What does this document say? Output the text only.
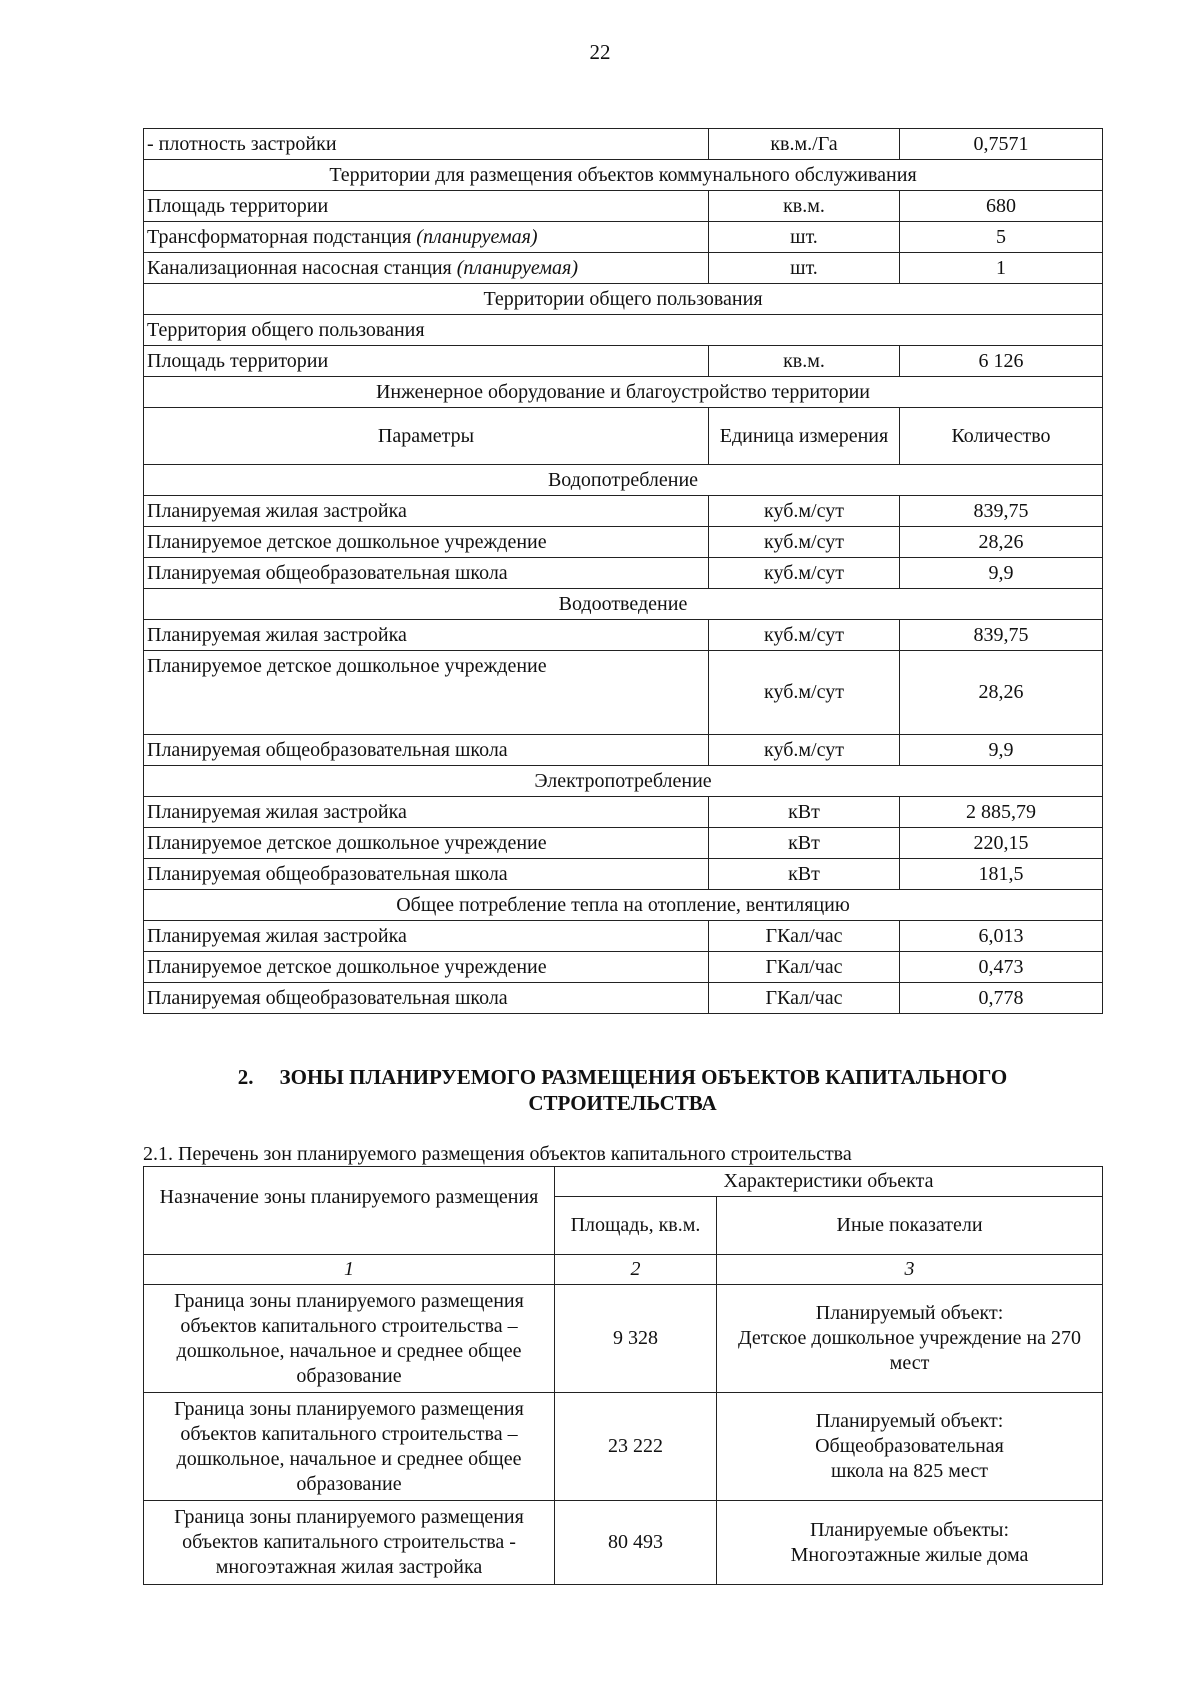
22
- плотность застройки	кв.м./Га	0,7571
Территории для размещения объектов коммунального обслуживания		
Площадь территории	кв.м.	680
Трансформаторная подстанция (планируемая)	шт.	5
Канализационная насосная станция (планируемая)	шт.	1
Территории общего пользования		
Территория общего пользования		
Площадь территории	кв.м.	6 126
Инженерное оборудование и благоустройство территории		
Параметры	Единица измерения	Количество
Водопотребление		
Планируемая жилая застройка	куб.м/сут	839,75
Планируемое детское дошкольное учреждение	куб.м/сут	28,26
Планируемая общеобразовательная школа	куб.м/сут	9,9
Водоотведение		
Планируемая жилая застройка	куб.м/сут	839,75
Планируемое детское дошкольное учреждение	куб.м/сут	28,26
Планируемая общеобразовательная школа	куб.м/сут	9,9
Электропотребление		
Планируемая жилая застройка	кВт	2 885,79
Планируемое детское дошкольное учреждение	кВт	220,15
Планируемая общеобразовательная школа	кВт	181,5
Общее потребление тепла на отопление, вентиляцию		
Планируемая жилая застройка	ГКал/час	6,013
Планируемое детское дошкольное учреждение	ГКал/час	0,473
Планируемая общеобразовательная школа	ГКал/час	0,778
2. ЗОНЫ ПЛАНИРУЕМОГО РАЗМЕЩЕНИЯ ОБЪЕКТОВ КАПИТАЛЬНОГО СТРОИТЕЛЬСТВА
2.1. Перечень зон планируемого размещения объектов капитального строительства
Назначение зоны планируемого размещения	Характеристики объекта	
	Площадь, кв.м.	Иные показатели
1	2	3
Граница зоны планируемого размещения объектов капитального строительства – дошкольное, начальное и среднее общее образование	9 328	Планируемый объект:
Детское дошкольное учреждение на 270 мест

Граница зоны планируемого размещения объектов капитального строительства – дошкольное, начальное и среднее общее образование	23 222	Планируемый объект:
Общеобразовательная школа на 825 мест

Граница зоны планируемого размещения объектов капитального строительства - многоэтажная жилая застройка	80 493	Планируемые объекты:
Многоэтажные жилые дома
